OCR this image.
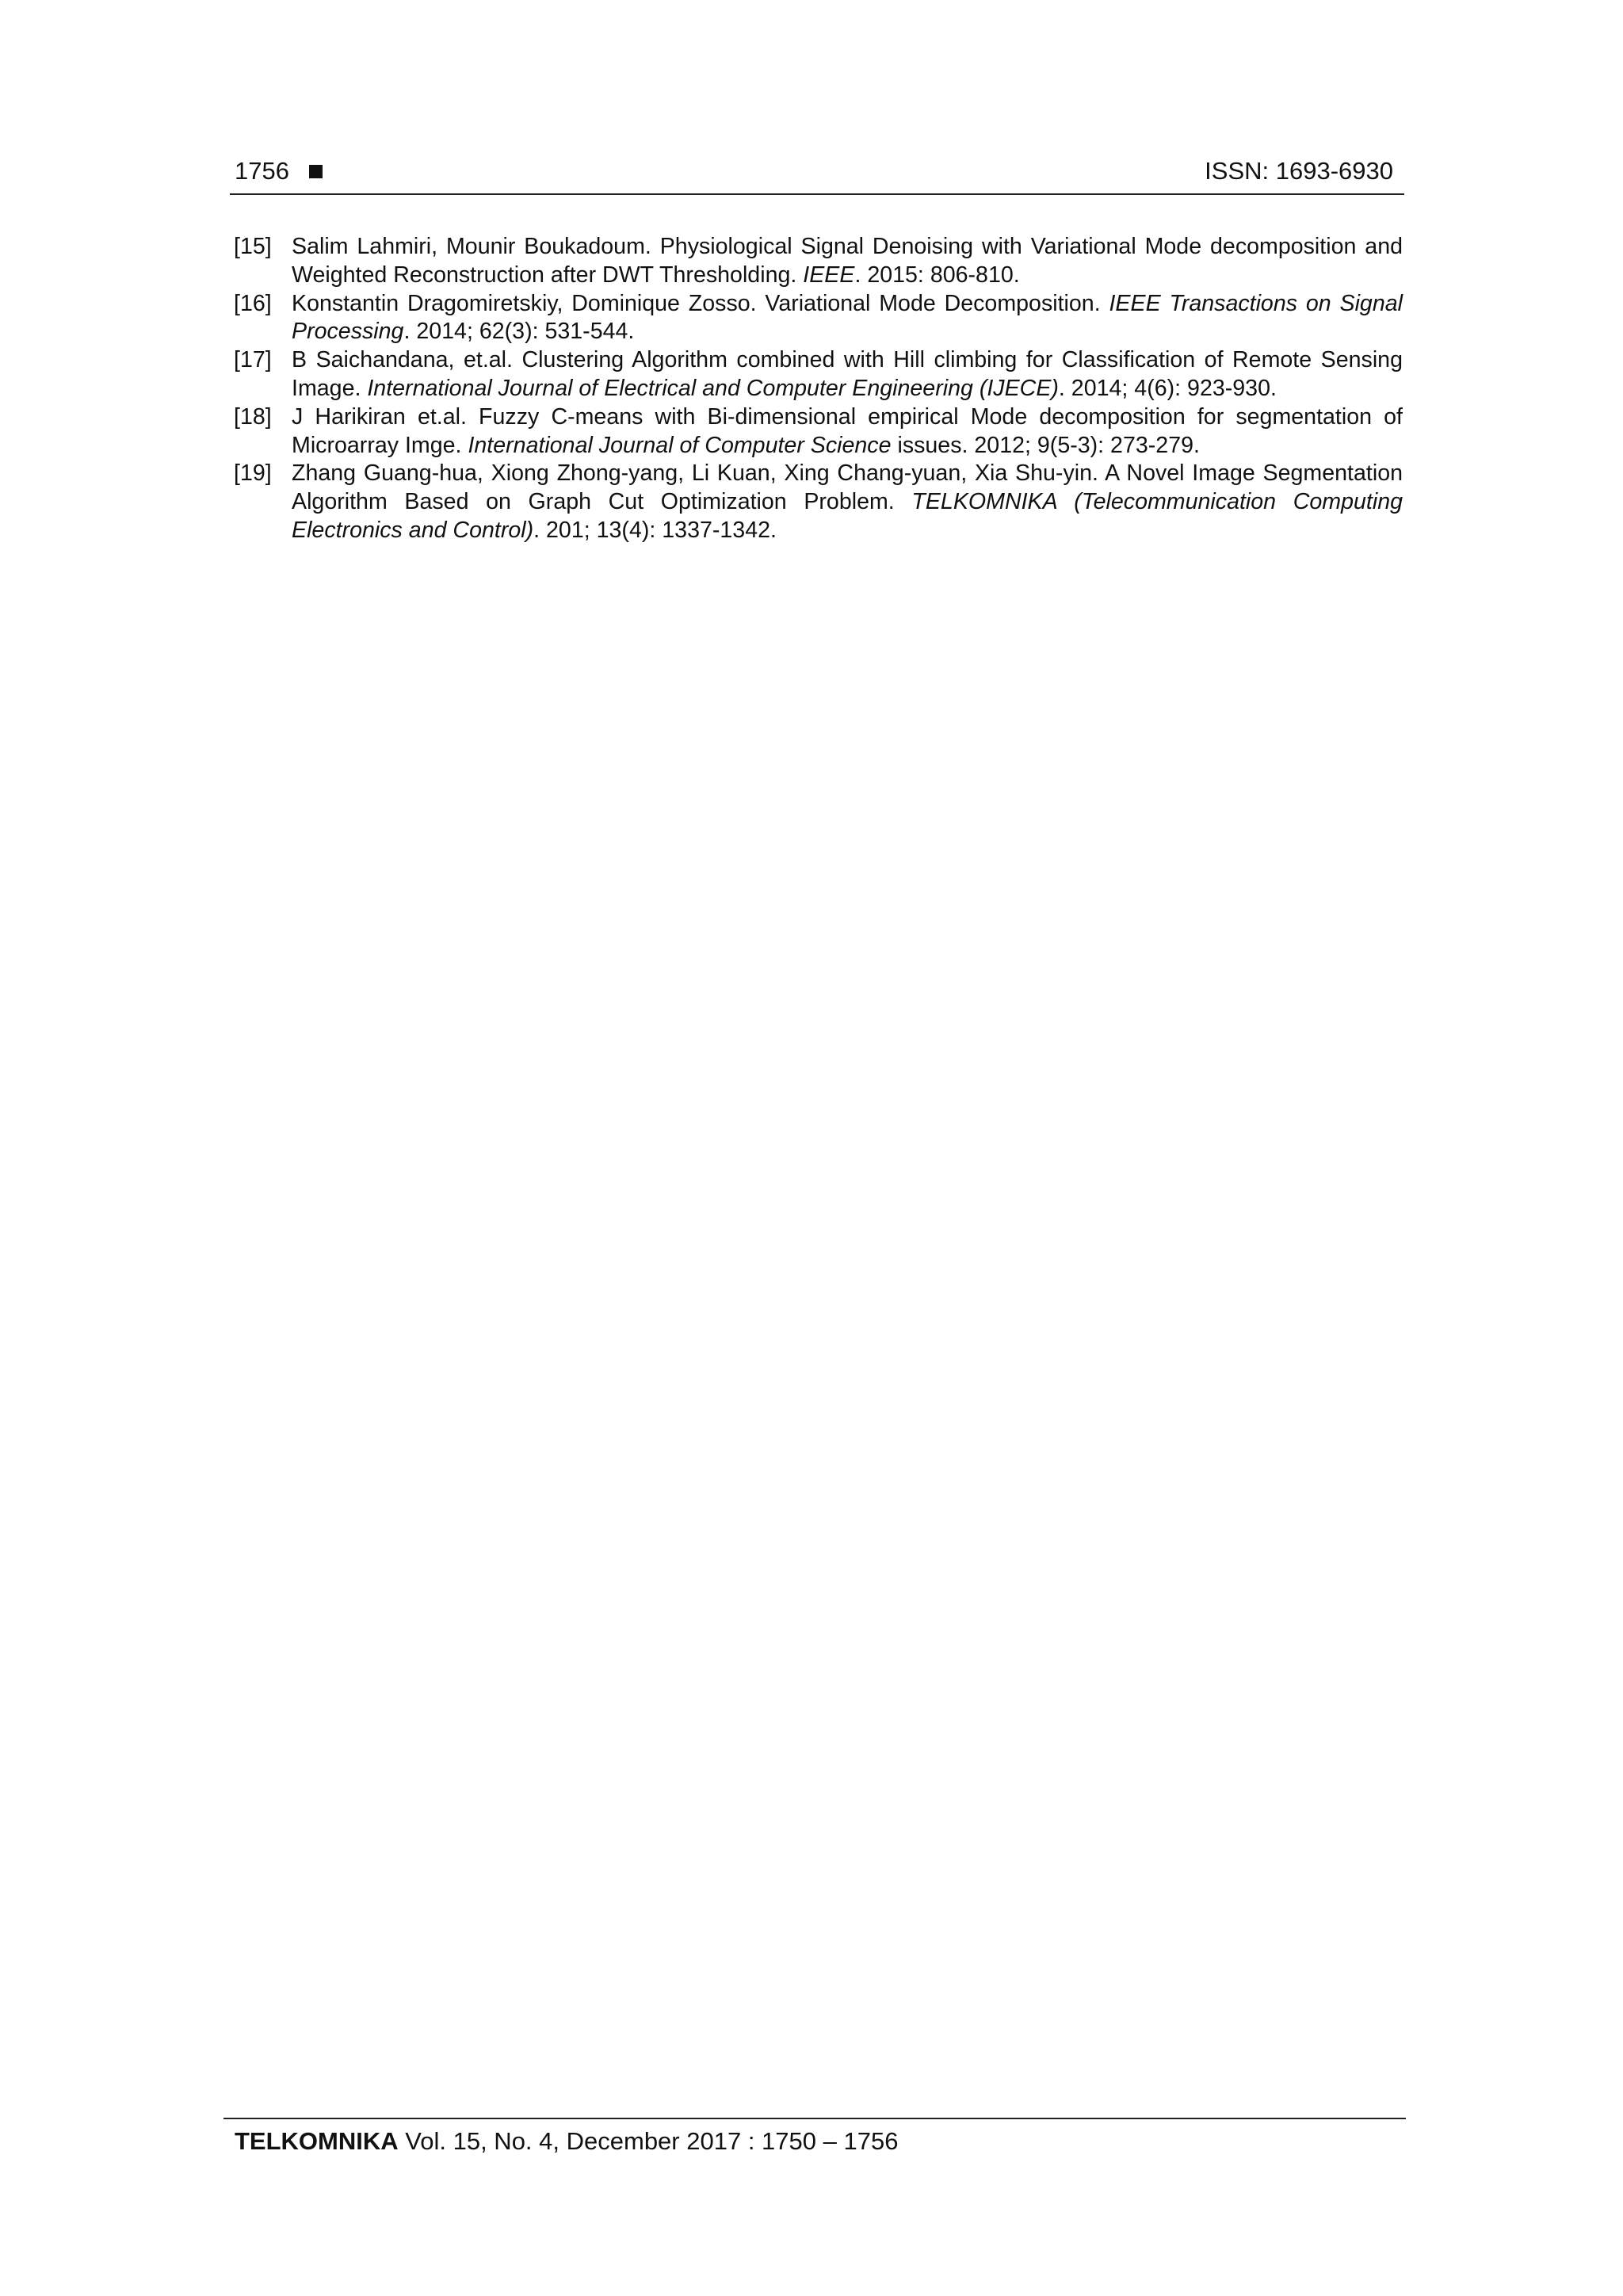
1756	ISSN: 1693-6930
[15] Salim Lahmiri, Mounir Boukadoum. Physiological Signal Denoising with Variational Mode decomposition and Weighted Reconstruction after DWT Thresholding. IEEE. 2015: 806-810.
[16] Konstantin Dragomiretskiy, Dominique Zosso. Variational Mode Decomposition. IEEE Transactions on Signal Processing. 2014; 62(3): 531-544.
[17] B Saichandana, et.al. Clustering Algorithm combined with Hill climbing for Classification of Remote Sensing Image. International Journal of Electrical and Computer Engineering (IJECE). 2014; 4(6): 923-930.
[18] J Harikiran et.al. Fuzzy C-means with Bi-dimensional empirical Mode decomposition for segmentation of Microarray Imge. International Journal of Computer Science issues. 2012; 9(5-3): 273-279.
[19] Zhang Guang-hua, Xiong Zhong-yang, Li Kuan, Xing Chang-yuan, Xia Shu-yin. A Novel Image Segmentation Algorithm Based on Graph Cut Optimization Problem. TELKOMNIKA (Telecommunication Computing Electronics and Control). 201; 13(4): 1337-1342.
TELKOMNIKA Vol. 15, No. 4, December 2017 : 1750 – 1756
